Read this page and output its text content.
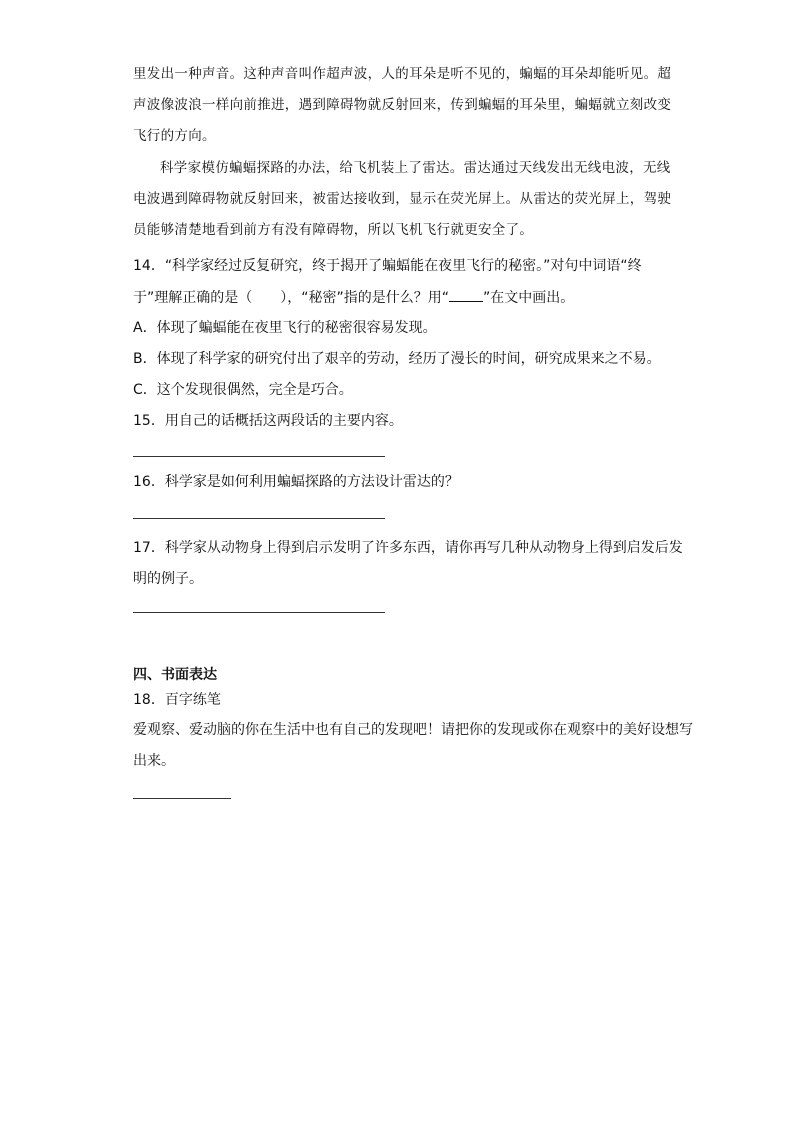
里发出一种声音。这种声音叫作超声波，人的耳朵是听不见的，蝙蝠的耳朵却能听见。超声波像波浪一样向前推进，遇到障碍物就反射回来，传到蝙蝠的耳朵里，蝙蝠就立刻改变飞行的方向。

科学家模仿蝙蝠探路的办法，给飞机装上了雷达。雷达通过天线发出无线电波，无线电波遇到障碍物就反射回来，被雷达接收到，显示在荧光屏上。从雷达的荧光屏上，驾驶员能够清楚地看到前方有没有障碍物，所以飞机飞行就更安全了。

14．“科学家经过反复研究，终于揭开了蝙蝠能在夜里飞行的秘密。”对句中词语“终
于”理解正确的是（　　），“秘密”指的是什么？用“ ”在文中画出。
A．体现了蝙蝠能在夜里飞行的秘密很容易发现。
B．体现了科学家的研究付出了艰辛的劳动，经历了漫长的时间，研究成果来之不易。
C．这个发现很偶然，完全是巧合。
15．用自己的话概括这两段话的主要内容。
16．科学家是如何利用蝙蝠探路的方法设计雷达的？

17．科学家从动物身上得到启示发明了许多东西，请你再写几种从动物身上得到启发后发明的例子。

四、书面表达
18．百字练笔

爱观察、爱动脑的你在生活中也有自己的发现吧！请把你的发现或你在观察中的美好设想写出来。
